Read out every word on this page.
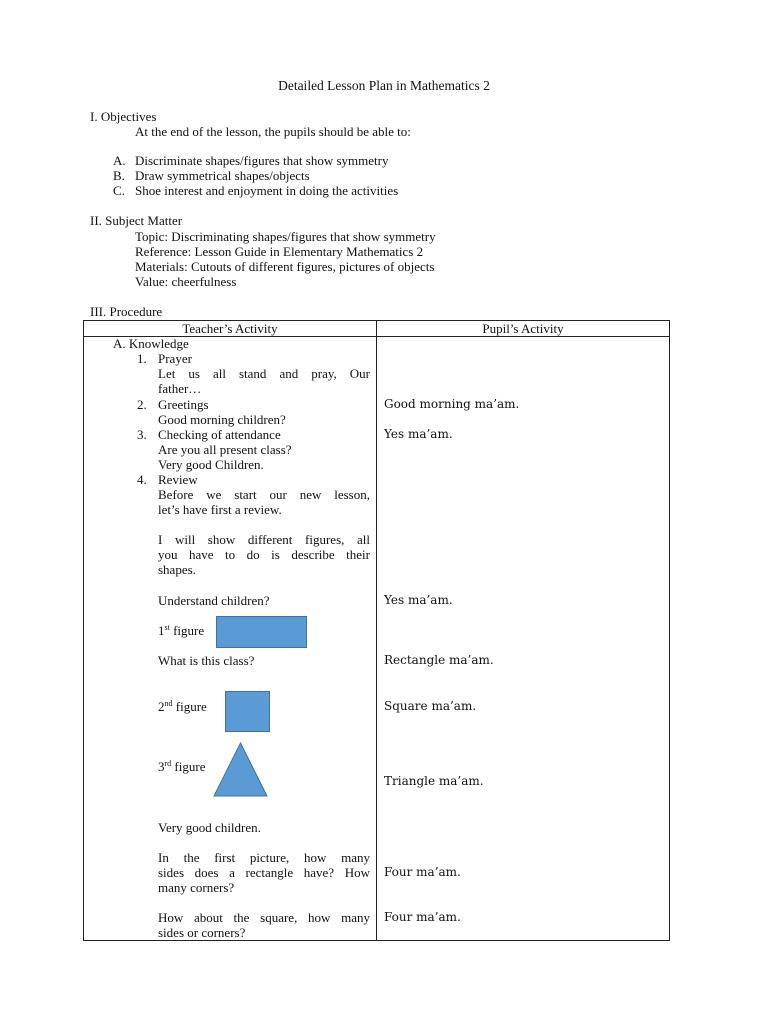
Detailed Lesson Plan in Mathematics 2
I. Objectives
At the end of the lesson, the pupils should be able to:
A. Discriminate shapes/figures that show symmetry
B. Draw symmetrical shapes/objects
C. Shoe interest and enjoyment in doing the activities
II. Subject Matter
Topic: Discriminating shapes/figures that show symmetry
Reference: Lesson Guide in Elementary Mathematics 2
Materials: Cutouts of different figures, pictures of objects
Value: cheerfulness
III. Procedure
Teacher’s Activity	Pupil’s Activity
A. Knowledge
1. Prayer
Let us all stand and pray, Our
father…
2. Greetings
Good morning children?
3. Checking of attendance
Are you all present class?
Very good Children.
4. Review
Before we start our new lesson,
let’s have first a review.
I will show different figures, all
you have to do is describe their
shapes.
Understand children?
1st figure
What is this class?
2nd figure
3rd figure
Very good children.
In the first picture, how many
sides does a rectangle have? How
many corners?
How about the square, how many
sides or corners?
Good morning ma’am.
Yes ma’am.
Yes ma’am.
Rectangle ma’am.
Square ma’am.
Triangle ma’am.
Four ma’am.
Four ma’am.
